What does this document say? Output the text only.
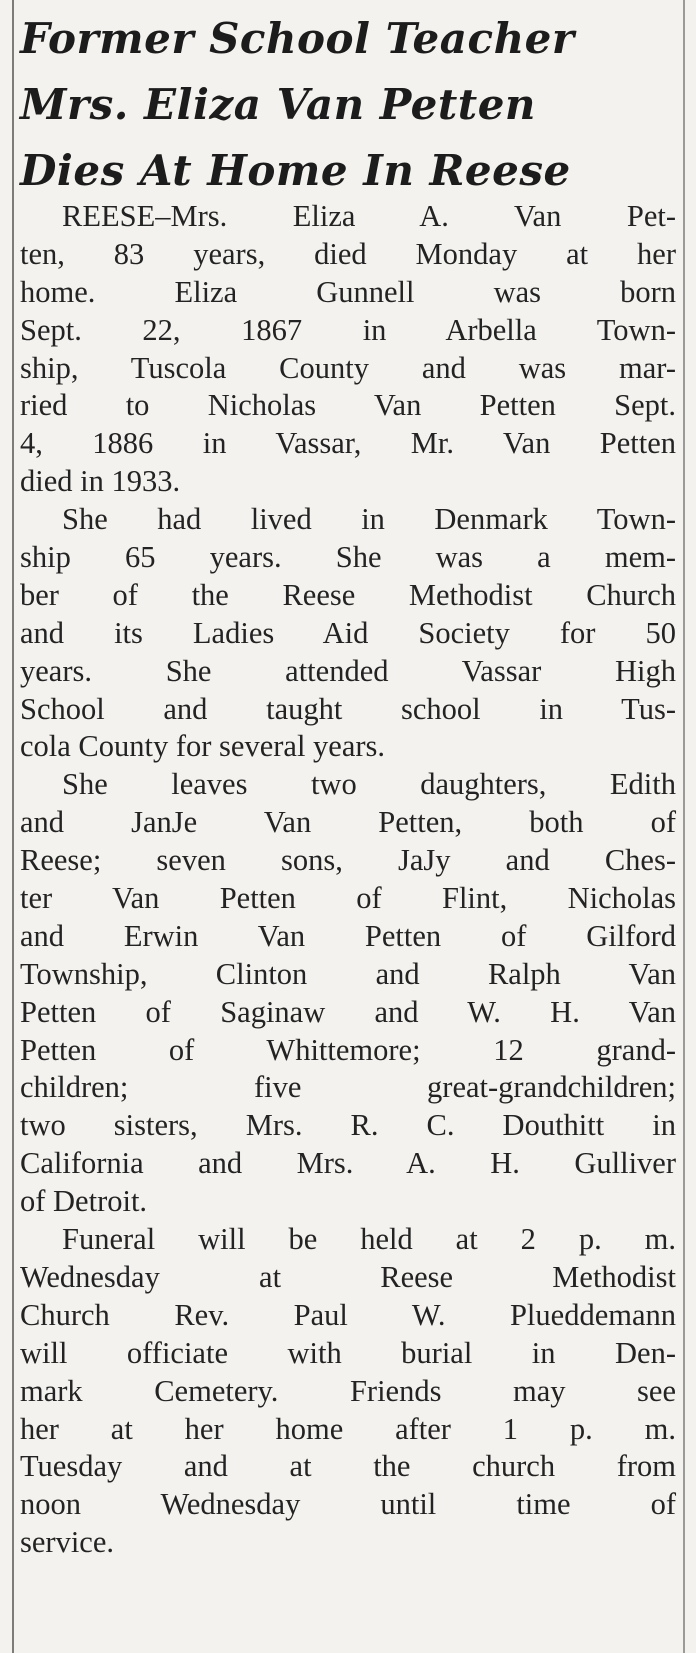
Former School Teacher
Mrs. Eliza Van Petten
Dies At Home In Reese
REESE–Mrs. Eliza A. Van Pet-
ten, 83 years, died Monday at her
home. Eliza Gunnell was born
Sept. 22, 1867 in Arbella Town-
ship, Tuscola County and was mar-
ried to Nicholas Van Petten Sept.
4, 1886 in Vassar, Mr. Van Petten
died in 1933.
She had lived in Denmark Town-
ship 65 years. She was a mem-
ber of the Reese Methodist Church
and its Ladies Aid Society for 50
years. She attended Vassar High
School and taught school in Tus-
cola County for several years.
She leaves two daughters, Edith
and JanJe Van Petten, both of
Reese; seven sons, JaJy and Ches-
ter Van Petten of Flint, Nicholas
and Erwin Van Petten of Gilford
Township, Clinton and Ralph Van
Petten of Saginaw and W. H. Van
Petten of Whittemore; 12 grand-
children; five great-grandchildren;
two sisters, Mrs. R. C. Douthitt in
California and Mrs. A. H. Gulliver
of Detroit.
Funeral will be held at 2 p. m.
Wednesday at Reese Methodist
Church Rev. Paul W. Pluеddemann
will officiate with burial in Den-
mark Cemetery. Friends may see
her at her home after 1 p. m.
Tuesday and at the church from
noon Wednesday until time of
service.
